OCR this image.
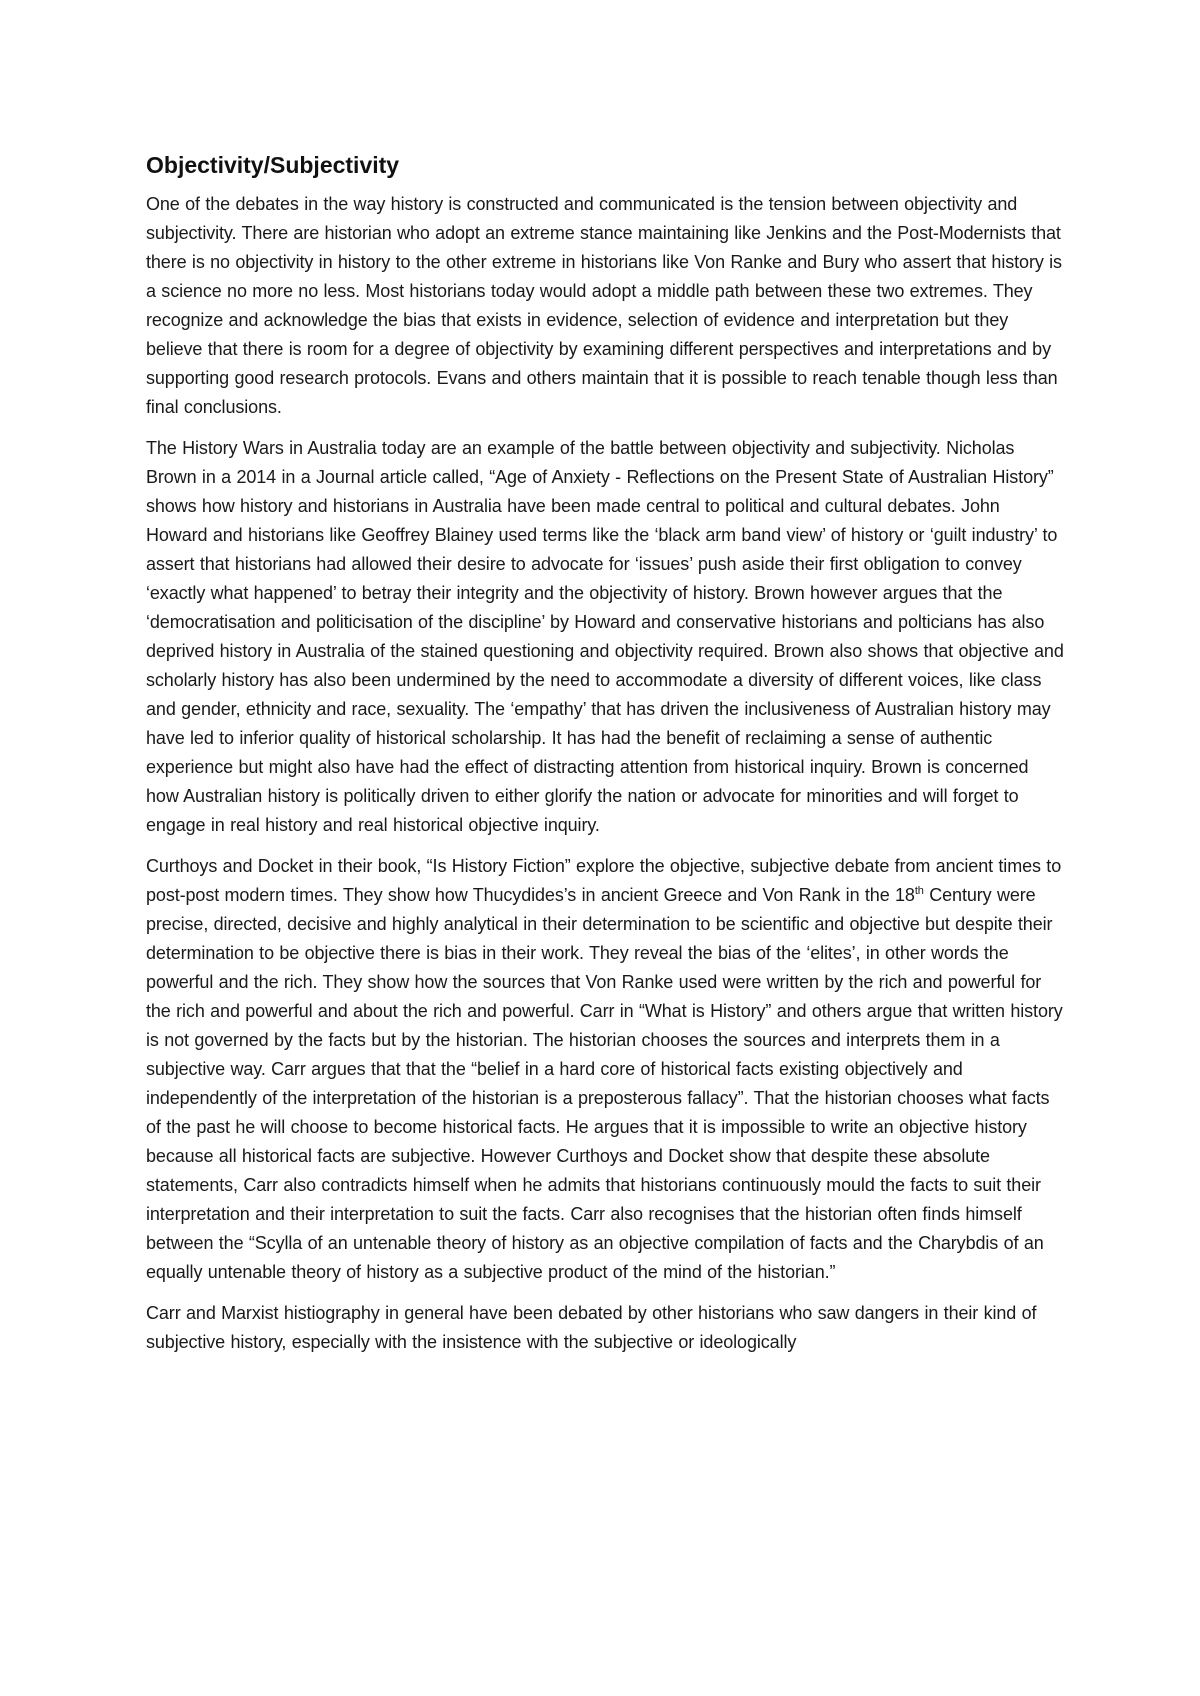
Objectivity/Subjectivity

One of the debates in the way history is constructed and communicated is the tension between objectivity and subjectivity. There are historian who adopt an extreme stance maintaining like Jenkins and the Post-Modernists that there is no objectivity in history to the other extreme in historians like Von Ranke and Bury who assert that history is a science no more no less. Most historians today would adopt a middle path between these two extremes. They recognize and acknowledge the bias that exists in evidence, selection of evidence and interpretation but they believe that there is room for a degree of objectivity by examining different perspectives and interpretations and by supporting good research protocols. Evans and others maintain that it is possible to reach tenable though less than final conclusions.

The History Wars in Australia today are an example of the battle between objectivity and subjectivity. Nicholas Brown in a 2014 in a Journal article called, “Age of Anxiety - Reflections on the Present State of Australian History” shows how history and historians in Australia have been made central to political and cultural debates. John Howard and historians like Geoffrey Blainey used terms like the ‘black arm band view’ of history or ‘guilt industry’ to assert that historians had allowed their desire to advocate for ‘issues’ push aside their first obligation to convey ‘exactly what happened’ to betray their integrity and the objectivity of history. Brown however argues that the ‘democratisation and politicisation of the discipline’ by Howard and conservative historians and polticians has also deprived history in Australia of the stained questioning and objectivity required. Brown also shows that objective and scholarly history has also been undermined by the need to accommodate a diversity of different voices, like class and gender, ethnicity and race, sexuality. The ‘empathy’ that has driven the inclusiveness of Australian history may have led to inferior quality of historical scholarship. It has had the benefit of reclaiming a sense of authentic experience but might also have had the effect of distracting attention from historical inquiry. Brown is concerned how Australian history is politically driven to either glorify the nation or advocate for minorities and will forget to engage in real history and real historical objective inquiry.

Curthoys and Docket in their book, “Is History Fiction” explore the objective, subjective debate from ancient times to post-post modern times. They show how Thucydides’s in ancient Greece and Von Rank in the 18th Century were precise, directed, decisive and highly analytical in their determination to be scientific and objective but despite their determination to be objective there is bias in their work. They reveal the bias of the ‘elites’, in other words the powerful and the rich. They show how the sources that Von Ranke used were written by the rich and powerful for the rich and powerful and about the rich and powerful. Carr in “What is History” and others argue that written history is not governed by the facts but by the historian. The historian chooses the sources and interprets them in a subjective way. Carr argues that that the “belief in a hard core of historical facts existing objectively and independently of the interpretation of the historian is a preposterous fallacy”. That the historian chooses what facts of the past he will choose to become historical facts. He argues that it is impossible to write an objective history because all historical facts are subjective. However Curthoys and Docket show that despite these absolute statements, Carr also contradicts himself when he admits that historians continuously mould the facts to suit their interpretation and their interpretation to suit the facts. Carr also recognises that the historian often finds himself between the “Scylla of an untenable theory of history as an objective compilation of facts and the Charybdis of an equally untenable theory of history as a subjective product of the mind of the historian.”

Carr and Marxist histiography in general have been debated by other historians who saw dangers in their kind of subjective history, especially with the insistence with the subjective or ideologically
